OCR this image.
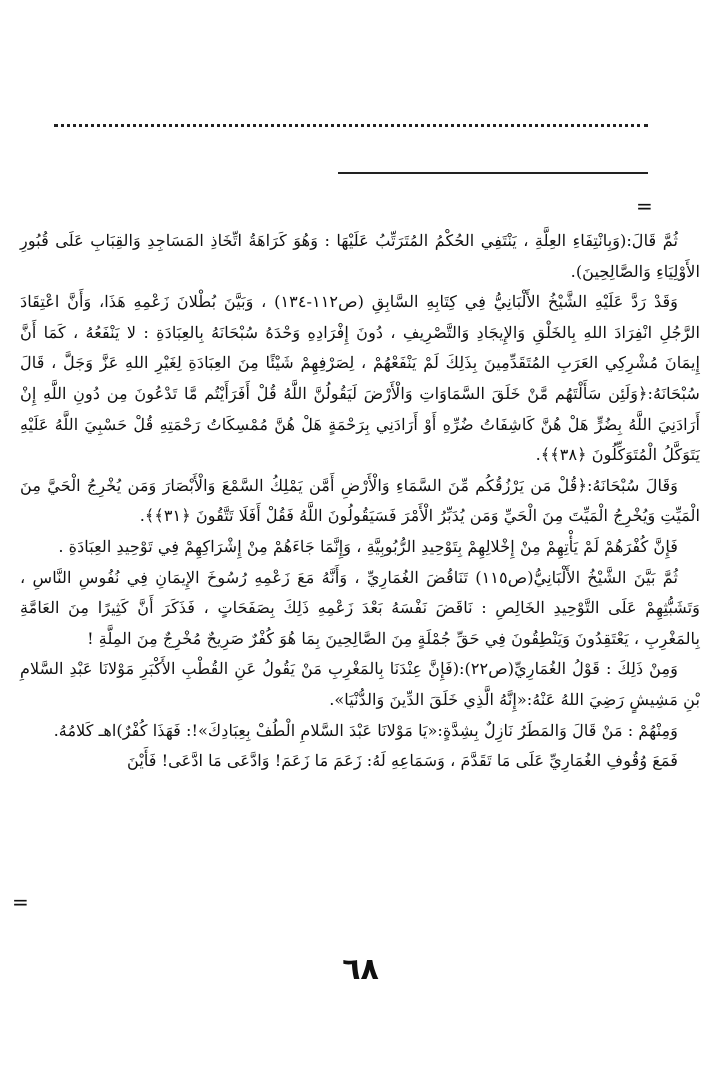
=

ثُمَّ قَالَ:(وَبِانْتِفَاءِ العِلَّةِ ، يَنْتَفِي الحُكْمُ المُتَرَتِّبُ عَلَيْهَا : وَهُوَ كَرَاهَةُ اتِّخَاذِ المَسَاجِدِ وَالقِبَابِ عَلَى قُبُورِ الأَوْلِيَاءِ وَالصَّالِحِينَ).

وَقَدْ رَدَّ عَلَيْهِ الشَّيْخُ الأَلْبَانِيُّ فِي كِتَابِهِ السَّابِقِ (ص١١٢-١٣٤) ، وَبَيَّنَ بُطْلانَ زَعْمِهِ هَذَا، وَأَنَّ اعْتِقَادَ الرَّجُلِ انْفِرَادَ اللهِ بِالخَلْقِ وَالإِيجَادِ وَالتَّصْرِيفِ ، دُونَ إِفْرَادِهِ وَحْدَهُ سُبْحَانَهُ بِالعِبَادَةِ : لا يَنْفَعُهُ ، كَمَا أَنَّ إِيمَانَ مُشْرِكِي العَرَبِ المُتَقَدِّمِينَ بِذَلِكَ لَمْ يَنْفَعْهُمْ ، لِصَرْفِهِمْ شَيْئًا مِنَ العِبَادَةِ لِغَيْرِ اللهِ عَزَّ وَجَلَّ ، قَالَ سُبْحَانَهُ:﴿وَلَئِن سَأَلْتَهُم مَّنْ خَلَقَ السَّمَاوَاتِ وَالْأَرْضَ لَيَقُولُنَّ اللَّهُ قُلْ أَفَرَأَيْتُم مَّا تَدْعُونَ مِن دُونِ اللَّهِ إِنْ أَرَادَنِيَ اللَّهُ بِضُرٍّ هَلْ هُنَّ كَاشِفَاتُ ضُرِّهِ أَوْ أَرَادَنِي بِرَحْمَةٍ هَلْ هُنَّ مُمْسِكَاتُ رَحْمَتِهِ قُلْ حَسْبِيَ اللَّهُ عَلَيْهِ يَتَوَكَّلُ الْمُتَوَكِّلُونَ ﴿٣٨﴾﴾.

وَقَالَ سُبْحَانَهُ:﴿قُلْ مَن يَرْزُقُكُم مِّنَ السَّمَاءِ وَالْأَرْضِ أَمَّن يَمْلِكُ السَّمْعَ وَالْأَبْصَارَ وَمَن يُخْرِجُ الْحَيَّ مِنَ الْمَيِّتِ وَيُخْرِجُ الْمَيِّتَ مِنَ الْحَيِّ وَمَن يُدَبِّرُ الْأَمْرَ فَسَيَقُولُونَ اللَّهُ فَقُلْ أَفَلَا تَتَّقُونَ ﴿٣١﴾﴾.

فَإِنَّ كُفْرَهُمْ لَمْ يَأْتِهِمْ مِنْ إِخْلالِهِمْ بِتَوْحِيدِ الرُّبُوبِيَّةِ ، وَإِنَّمَا جَاءَهُمْ مِنْ إِشْرَاكِهِمْ فِي تَوْحِيدِ العِبَادَةِ .

ثُمَّ بَيَّنَ الشَّيْخُ الأَلْبَانِيُّ(ص١١٥) تَنَاقُضَ الغُمَارِيِّ ، وَأَنَّهُ مَعَ زَعْمِهِ رُسُوخَ الإِيمَانِ فِي نُفُوسِ النَّاسِ ، وَتَشَبُّثِهِمْ عَلَى التَّوْحِيدِ الخَالِصِ : نَاقَضَ نَفْسَهُ بَعْدَ زَعْمِهِ ذَلِكَ بِصَفَحَاتٍ ، فَذَكَرَ أَنَّ كَثِيرًا مِنَ العَامَّةِ بِالمَغْرِبِ ، يَعْتَقِدُونَ وَيَنْطِقُونَ فِي حَقِّ جُمْلَةٍ مِنَ الصَّالِحِينَ بِمَا هُوَ كُفْرٌ صَرِيحٌ مُخْرِجٌ مِنَ المِلَّةِ !

وَمِنْ ذَلِكَ : قَوْلُ الغُمَارِيِّ(ص٢٢):(فَإِنَّ عِنْدَنَا بِالمَغْرِبِ مَنْ يَقُولُ عَنِ القُطْبِ الأَكْبَرِ مَوْلانَا عَبْدِ السَّلامِ بْنِ مَشِيشٍ رَضِيَ اللهُ عَنْهُ:«إِنَّهُ الَّذِي خَلَقَ الدِّينَ وَالدُّنْيَا».

وَمِنْهُمْ : مَنْ قَالَ وَالمَطَرُ نَازِلٌ بِشِدَّةٍ:«يَا مَوْلانَا عَبْدَ السَّلامِ الْطُفْ بِعِبَادِكَ»!: فَهَذَا كُفْرٌ)اهـ كَلامُهُ.

فَمَعَ وُقُوفِ الغُمَارِيِّ عَلَى مَا تَقَدَّمَ ، وَسَمَاعِهِ لَهُ: زَعَمَ مَا زَعَمَ! وَادَّعَى مَا ادَّعَى! فَأَيْنَ

=
٦٨
